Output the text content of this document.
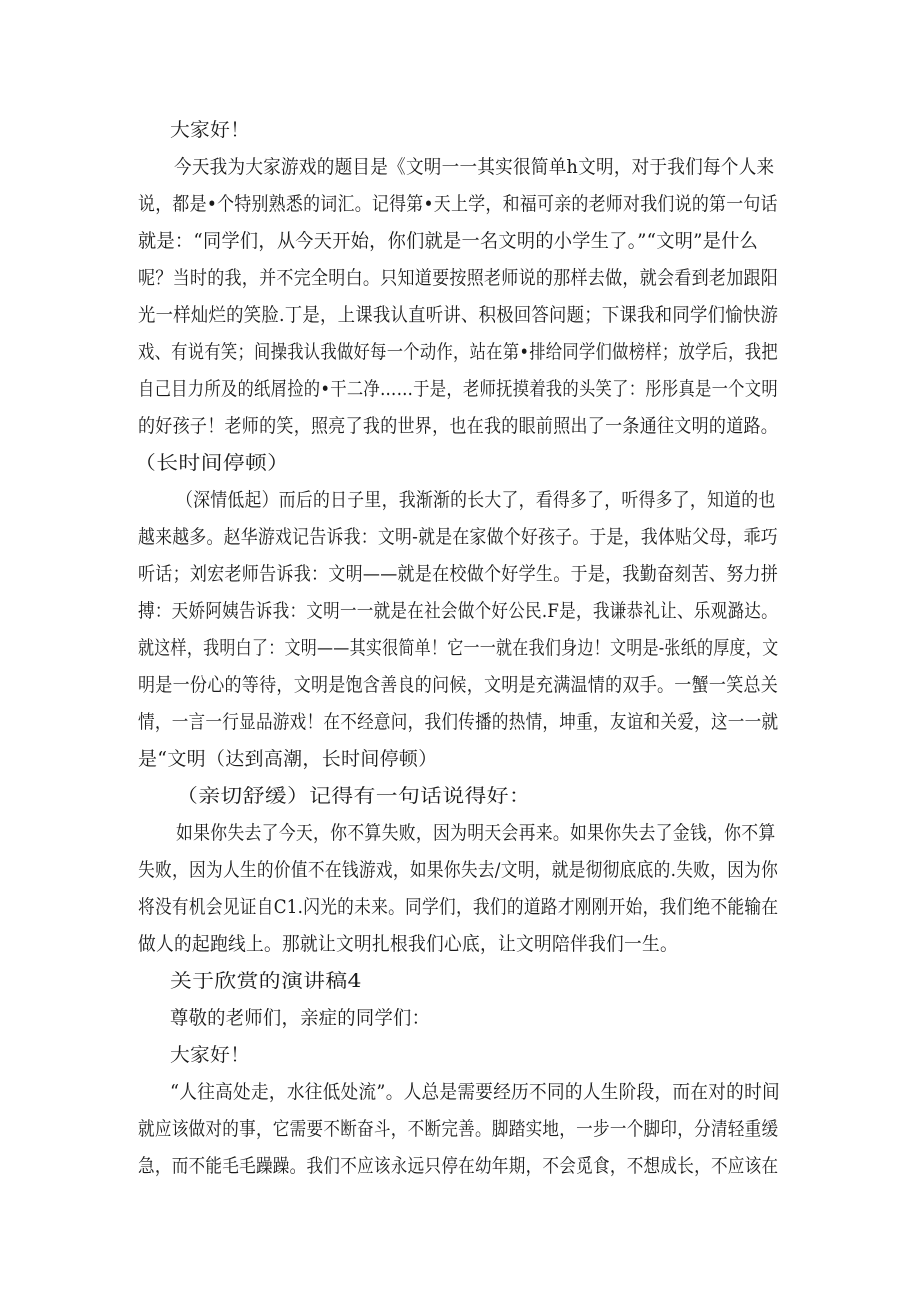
大家好！
今天我为大家游戏的题目是《文明一一其实很简单h文明，对于我们每个人来
说，都是•个特别熟悉的词汇。记得第•天上学，和福可亲的老师对我们说的第一句话
就是：“同学们，从今天开始，你们就是一名文明的小学生了。”“文明”是什么
呢？当时的我，并不完全明白。只知道要按照老师说的那样去做，就会看到老加跟阳
光一样灿烂的笑脸.丁是，上课我认直听讲、积极回答问题；下课我和同学们愉快游
戏、有说有笑；间操我认我做好每一个动作，站在第•排给同学们做榜样；放学后，我把
自己目力所及的纸屑捡的•干二净……于是，老师抚摸着我的头笑了：彤彤真是一个文明
的好孩子！老师的笑，照亮了我的世界，也在我的眼前照出了一条通往文明的道路。
（长时间停顿）
（深情低起）而后的日子里，我渐渐的长大了，看得多了，听得多了，知道的也
越来越多。赵华游戏记告诉我：文明-就是在家做个好孩子。于是，我体贴父母，乖巧
听话；刘宏老师告诉我：文明——就是在校做个好学生。于是，我勤奋刻苦、努力拼
搏：天娇阿姨告诉我：文明一一就是在社会做个好公民.F是，我谦恭礼让、乐观潞达。
就这样，我明白了：文明——其实很简单！它一一就在我们身边！文明是-张纸的厚度，文
明是一份心的等待，文明是饱含善良的问候，文明是充满温情的双手。一蟹一笑总关
情，一言一行显品游戏！在不经意问，我们传播的热情，坤重，友谊和关爱，这一一就
是“文明（达到高潮，长时间停顿）
（亲切舒缓）记得有一句话说得好：
如果你失去了今天，你不算失败，因为明天会再来。如果你失去了金钱，你不算
失败，因为人生的价值不在钱游戏，如果你失去/文明，就是彻彻底底的.失败，因为你
将没有机会见证自C1.闪光的未来。同学们，我们的道路才刚刚开始，我们绝不能输在
做人的起跑线上。那就让文明扎根我们心底，让文明陪伴我们一生。
关于欣赏的演讲稿4
尊敬的老师们，亲症的同学们：
大家好！
“人往高处走，水往低处流”。人总是需要经历不同的人生阶段，而在对的时间
就应该做对的事，它需要不断奋斗，不断完善。脚踏实地，一步一个脚印，分清轻重缓
急，而不能毛毛躁躁。我们不应该永远只停在幼年期，不会觅食，不想成长，不应该在
